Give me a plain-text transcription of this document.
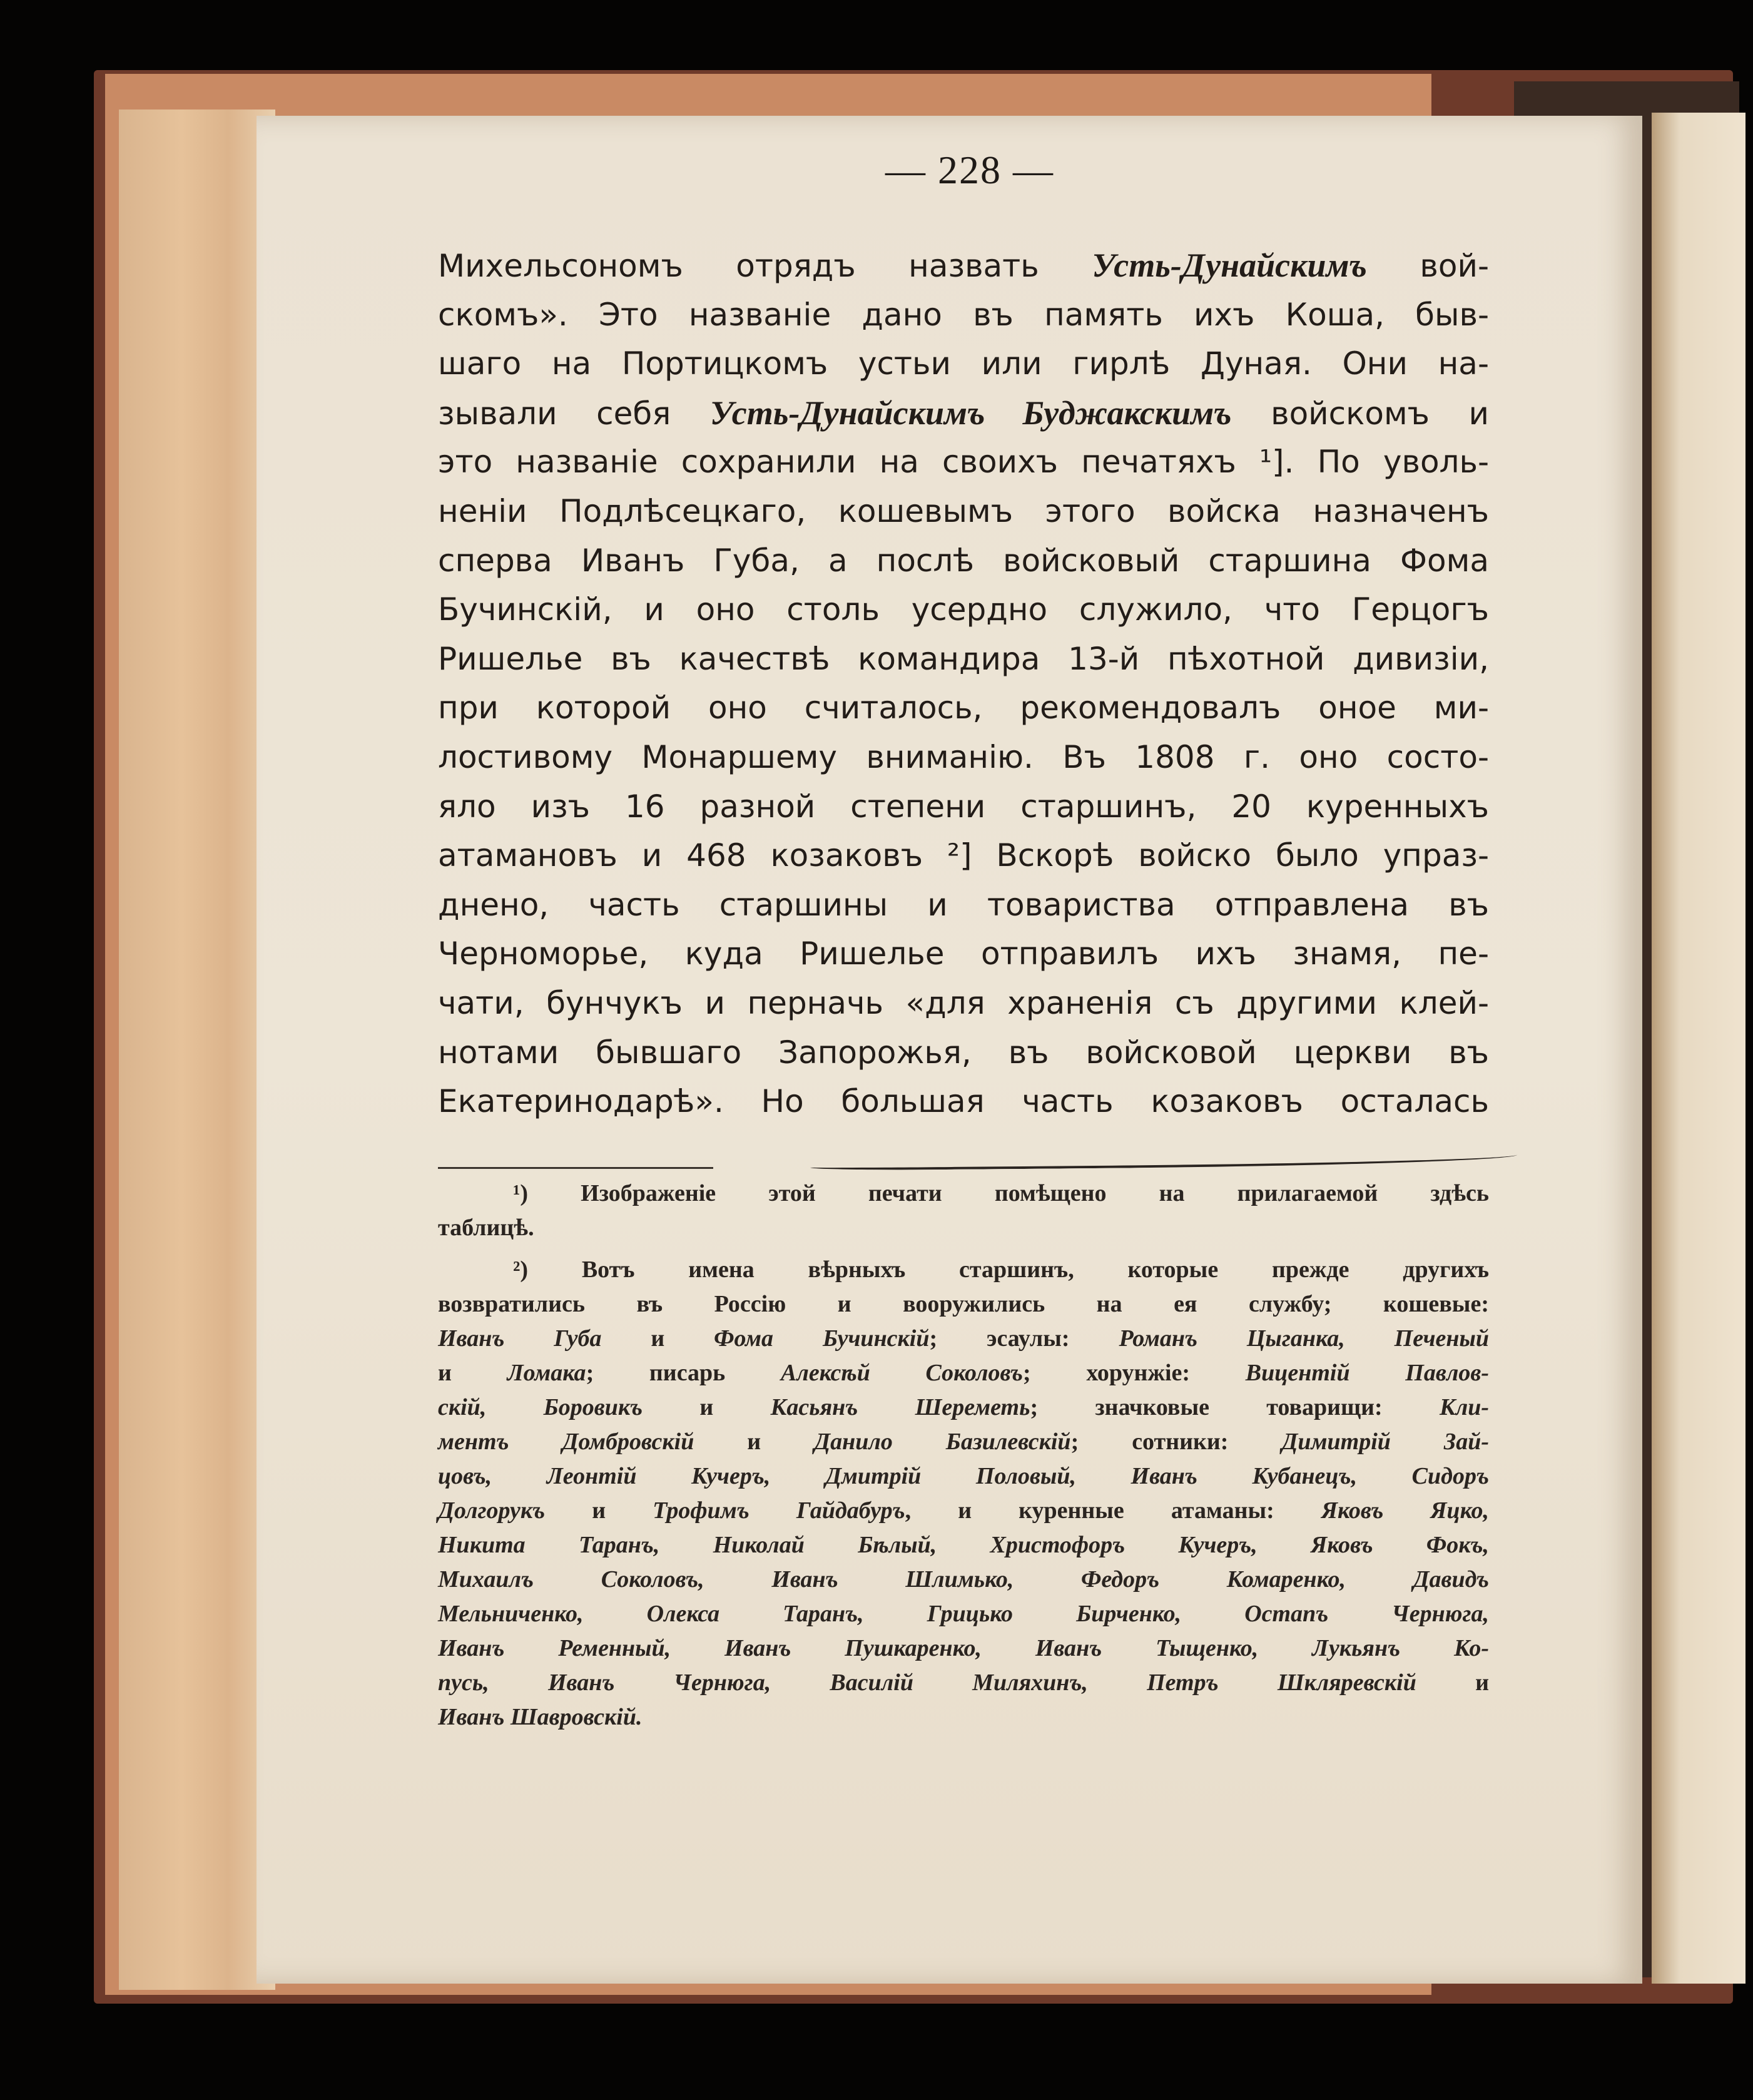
— 228 —
Михельсономъ отрядъ назвать Усть-Дунайскимъ вой-
скомъ». Это названіе дано въ память ихъ Коша, быв-
шаго на Портицкомъ устьи или гирлѣ Дуная. Они на-
зывали себя Усть-Дунайскимъ Буджакскимъ войскомъ и
это названіе сохранили на своихъ печатяхъ ¹]. По уволь-
неніи Подлѣсецкаго, кошевымъ этого войска назначенъ
сперва Иванъ Губа, а послѣ войсковый старшина Фома
Бучинскій, и оно столь усердно служило, что Герцогъ
Ришелье въ качествѣ командира 13-й пѣхотной дивизіи,
при которой оно считалось, рекомендовалъ оное ми-
лостивому Монаршему вниманію. Въ 1808 г. оно состо-
яло изъ 16 разной степени старшинъ, 20 куренныхъ
атамановъ и 468 козаковъ ²] Вскорѣ войско было упраз-
днено, часть старшины и товариства отправлена въ
Черноморье, куда Ришелье отправилъ ихъ знамя, пе-
чати, бунчукъ и перначь «для храненія съ другими клей-
нотами бывшаго Запорожья, въ войсковой церкви въ
Екатеринодарѣ». Но большая часть козаковъ осталась
¹) Изображеніе этой печати помѣщено на прилагаемой здѣсь
таблицѣ.
²) Вотъ имена вѣрныхъ старшинъ, которые прежде другихъ
возвратились въ Россію и вооружились на ея службу; кошевые:
Иванъ Губа и Фома Бучинскій; эсаулы: Романъ Цыганка, Печеный
и Ломака; писарь Алексѣй Соколовъ; хорунжіе: Вицентій Павлов-
скій, Боровикъ и Касьянъ Шереметь; значковые товарищи: Кли-
ментъ Домбровскій и Данило Базилевскій; сотники: Димитрій Зай-
цовъ, Леонтій Кучеръ, Дмитрій Половый, Иванъ Кубанецъ, Сидоръ
Долгорукъ и Трофимъ Гайдабуръ, и куренные атаманы: Яковъ Яцко,
Никита Таранъ, Николай Бѣлый, Христофоръ Кучеръ, Яковъ Фокъ,
Михаилъ Соколовъ, Иванъ Шлимько, Федоръ Комаренко, Давидъ
Мельниченко, Олекса Таранъ, Грицько Бирченко, Остапъ Чернюга,
Иванъ Ременный, Иванъ Пушкаренко, Иванъ Тыщенко, Лукьянъ Ко-
пусь, Иванъ Чернюга, Василій Миляхинъ, Петръ Шкляревскій и
Иванъ Шавровскій.
